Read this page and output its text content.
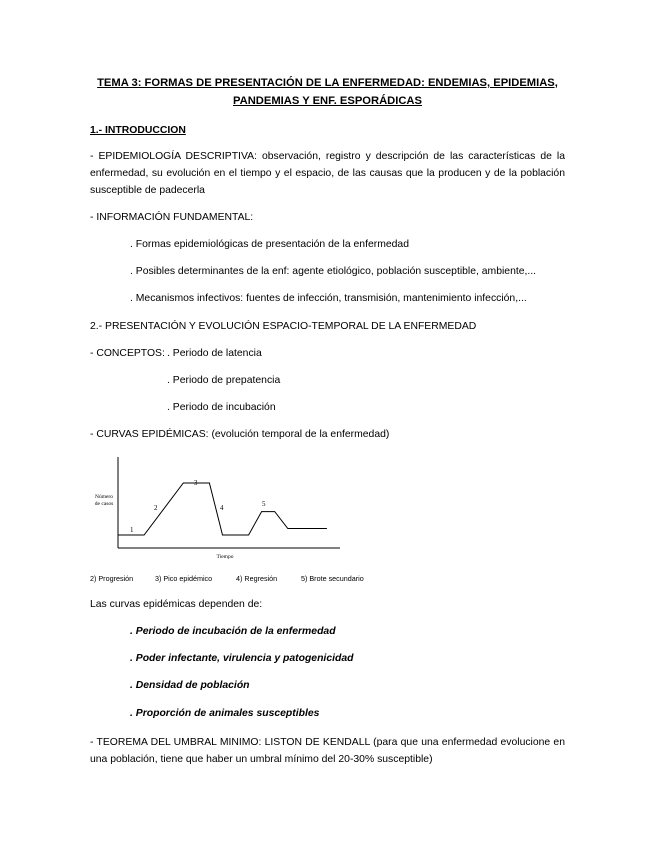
TEMA 3: FORMAS DE PRESENTACIÓN DE LA ENFERMEDAD: ENDEMIAS, EPIDEMIAS,
PANDEMIAS Y ENF. ESPORÁDICAS
1.- INTRODUCCION
- EPIDEMIOLOGÍA DESCRIPTIVA: observación, registro y descripción de las características de la enfermedad, su evolución en el tiempo y el espacio, de las causas que la producen y de la población susceptible de padecerla
- INFORMACIÓN FUNDAMENTAL:
. Formas epidemiológicas de presentación de la enfermedad
. Posibles determinantes de la enf: agente etiológico, población susceptible, ambiente,...
. Mecanismos infectivos: fuentes de infección, transmisión, mantenimiento infección,...
2.- PRESENTACIÓN Y EVOLUCIÓN ESPACIO-TEMPORAL DE LA ENFERMEDAD
- CONCEPTOS: . Periodo de latencia
. Periodo de prepatencia
. Periodo de incubación
- CURVAS EPIDÉMICAS: (evolución temporal de la enfermedad)
Número
de casos
Tiempo
1
2
3
4	5
2) Progresión	3) Pico epidémico	4) Regresión	5) Brote secundario
Las curvas epidémicas dependen de:
. Periodo de incubación de la enfermedad
. Poder infectante, virulencia y patogenicidad
. Densidad de población
. Proporción de animales susceptibles
- TEOREMA DEL UMBRAL MINIMO: LISTON DE KENDALL (para que una enfermedad evolucione en una población, tiene que haber un umbral mínimo del 20-30% susceptible)
